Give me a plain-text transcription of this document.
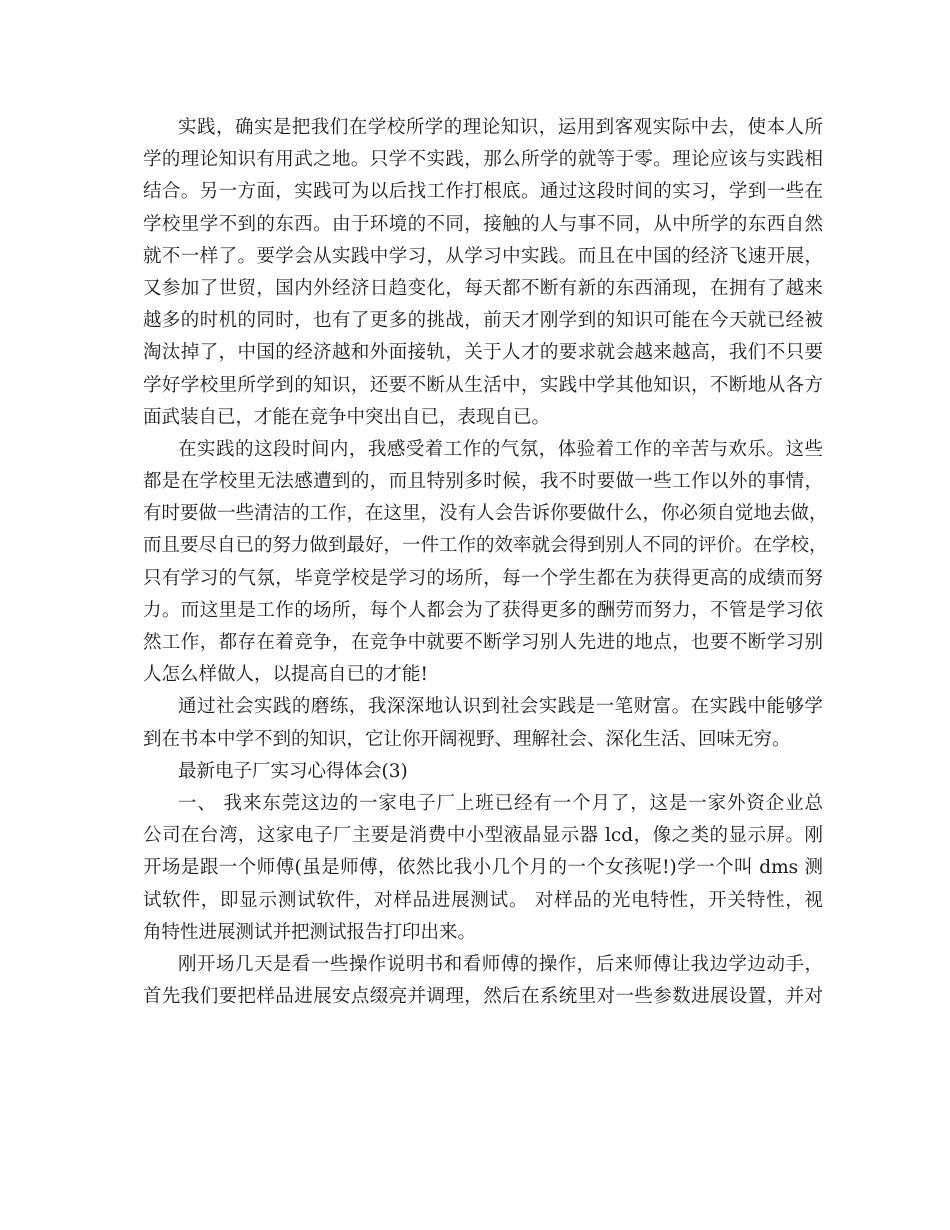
实践，确实是把我们在学校所学的理论知识，运用到客观实际中去，使本人所
学的理论知识有用武之地。只学不实践，那么所学的就等于零。理论应该与实践相
结合。另一方面，实践可为以后找工作打根底。通过这段时间的实习，学到一些在
学校里学不到的东西。由于环境的不同，接触的人与事不同，从中所学的东西自然
就不一样了。要学会从实践中学习，从学习中实践。而且在中国的经济飞速开展，
又参加了世贸，国内外经济日趋变化，每天都不断有新的东西涌现，在拥有了越来
越多的时机的同时，也有了更多的挑战，前天才刚学到的知识可能在今天就已经被
淘汰掉了，中国的经济越和外面接轨，关于人才的要求就会越来越高，我们不只要
学好学校里所学到的知识，还要不断从生活中，实践中学其他知识，不断地从各方
面武装自已，才能在竞争中突出自已，表现自已。
在实践的这段时间内，我感受着工作的气氛，体验着工作的辛苦与欢乐。这些
都是在学校里无法感遭到的，而且特别多时候，我不时要做一些工作以外的事情，
有时要做一些清洁的工作，在这里，没有人会告诉你要做什么，你必须自觉地去做，
而且要尽自已的努力做到最好，一件工作的效率就会得到别人不同的评价。在学校，
只有学习的气氛，毕竟学校是学习的场所，每一个学生都在为获得更高的成绩而努
力。而这里是工作的场所，每个人都会为了获得更多的酬劳而努力，不管是学习依
然工作，都存在着竞争，在竞争中就要不断学习别人先进的地点，也要不断学习别
人怎么样做人，以提高自已的才能!
通过社会实践的磨练，我深深地认识到社会实践是一笔财富。在实践中能够学
到在书本中学不到的知识，它让你开阔视野、理解社会、深化生活、回味无穷。
最新电子厂实习心得体会(3)
一、 我来东莞这边的一家电子厂上班已经有一个月了，这是一家外资企业总
公司在台湾，这家电子厂主要是消费中小型液晶显示器 lcd，像之类的显示屏。刚
开场是跟一个师傅(虽是师傅，依然比我小几个月的一个女孩呢!)学一个叫 dms 测
试软件，即显示测试软件，对样品进展测试。 对样品的光电特性，开关特性，视
角特性进展测试并把测试报告打印出来。
刚开场几天是看一些操作说明书和看师傅的操作，后来师傅让我边学边动手，
首先我们要把样品进展安点缀亮并调理，然后在系统里对一些参数进展设置，并对
